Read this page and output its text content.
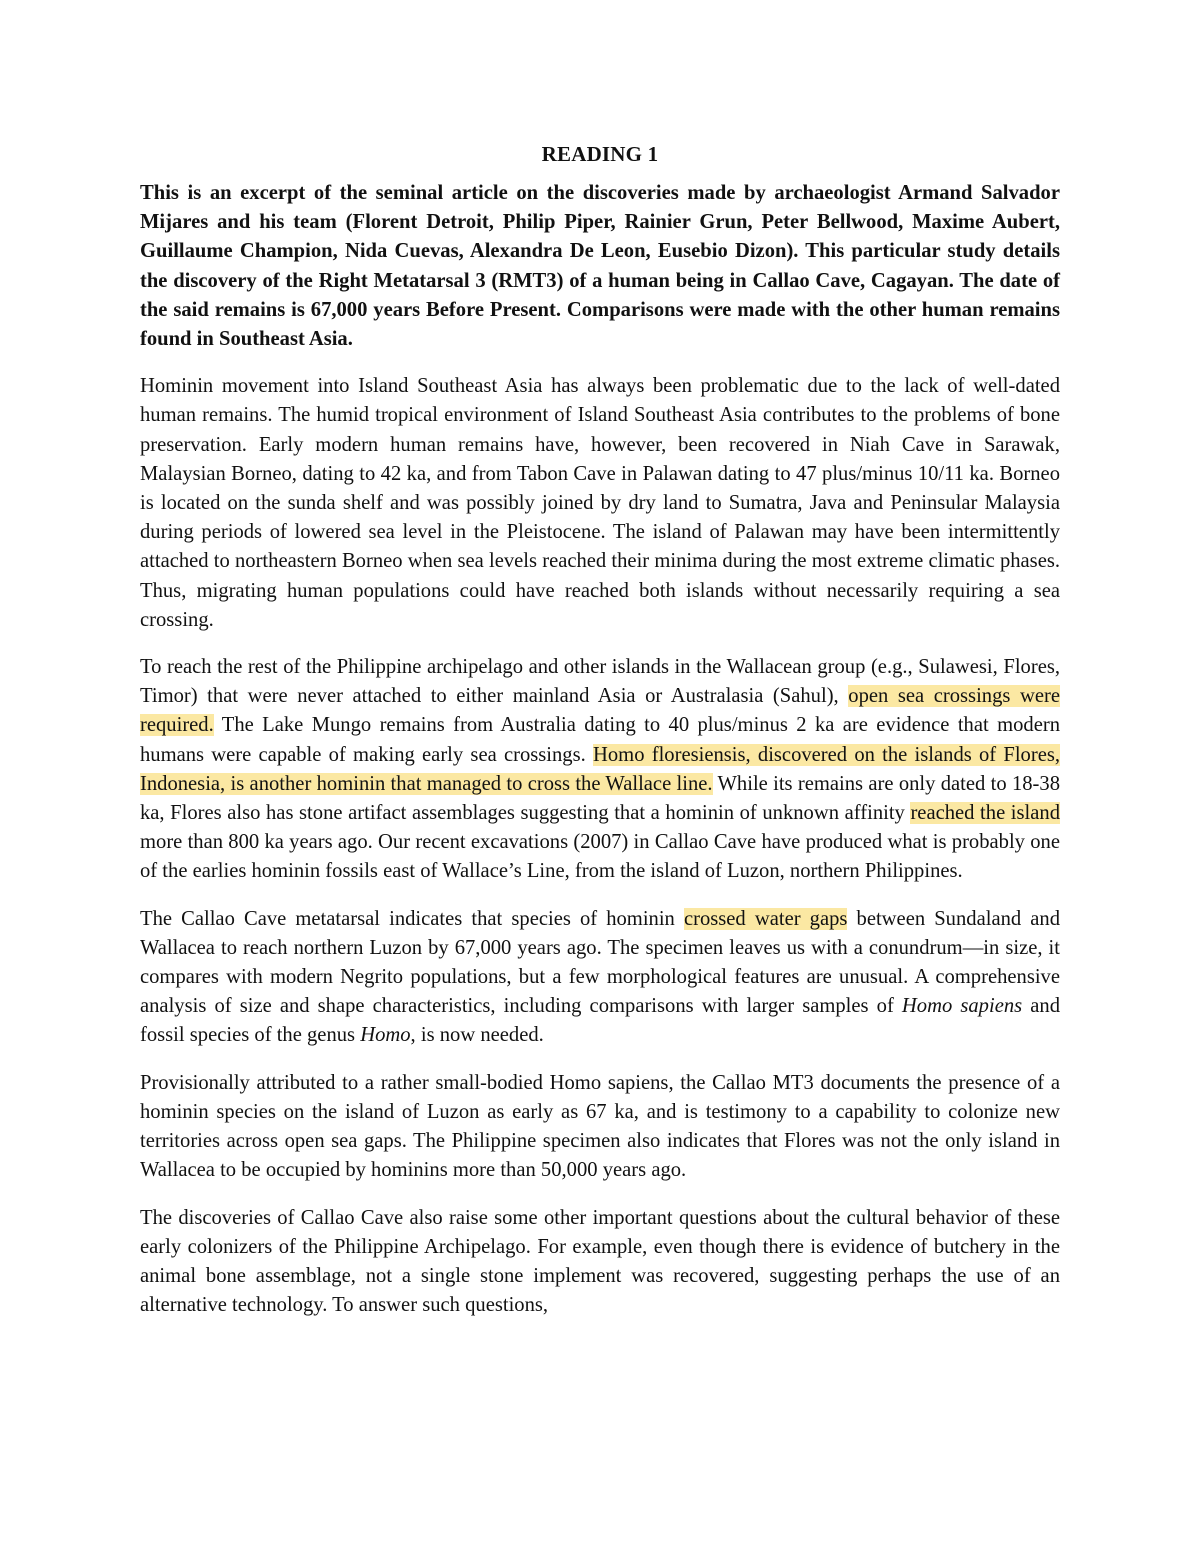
READING 1

This is an excerpt of the seminal article on the discoveries made by archaeologist Armand Salvador Mijares and his team (Florent Detroit, Philip Piper, Rainier Grun, Peter Bellwood, Maxime Aubert, Guillaume Champion, Nida Cuevas, Alexandra De Leon, Eusebio Dizon). This particular study details the discovery of the Right Metatarsal 3 (RMT3) of a human being in Callao Cave, Cagayan. The date of the said remains is 67,000 years Before Present. Comparisons were made with the other human remains found in Southeast Asia.

Hominin movement into Island Southeast Asia has always been problematic due to the lack of well-dated human remains. The humid tropical environment of Island Southeast Asia contributes to the problems of bone preservation. Early modern human remains have, however, been recovered in Niah Cave in Sarawak, Malaysian Borneo, dating to 42 ka, and from Tabon Cave in Palawan dating to 47 plus/minus 10/11 ka. Borneo is located on the sunda shelf and was possibly joined by dry land to Sumatra, Java and Peninsular Malaysia during periods of lowered sea level in the Pleistocene. The island of Palawan may have been intermittently attached to northeastern Borneo when sea levels reached their minima during the most extreme climatic phases. Thus, migrating human populations could have reached both islands without necessarily requiring a sea crossing.

To reach the rest of the Philippine archipelago and other islands in the Wallacean group (e.g., Sulawesi, Flores, Timor) that were never attached to either mainland Asia or Australasia (Sahul), open sea crossings were required. The Lake Mungo remains from Australia dating to 40 plus/minus 2 ka are evidence that modern humans were capable of making early sea crossings. Homo floresiensis, discovered on the islands of Flores, Indonesia, is another hominin that managed to cross the Wallace line. While its remains are only dated to 18-38 ka, Flores also has stone artifact assemblages suggesting that a hominin of unknown affinity reached the island more than 800 ka years ago. Our recent excavations (2007) in Callao Cave have produced what is probably one of the earlies hominin fossils east of Wallace’s Line, from the island of Luzon, northern Philippines.

The Callao Cave metatarsal indicates that species of hominin crossed water gaps between Sundaland and Wallacea to reach northern Luzon by 67,000 years ago. The specimen leaves us with a conundrum—in size, it compares with modern Negrito populations, but a few morphological features are unusual. A comprehensive analysis of size and shape characteristics, including comparisons with larger samples of Homo sapiens and fossil species of the genus Homo, is now needed.

Provisionally attributed to a rather small-bodied Homo sapiens, the Callao MT3 documents the presence of a hominin species on the island of Luzon as early as 67 ka, and is testimony to a capability to colonize new territories across open sea gaps. The Philippine specimen also indicates that Flores was not the only island in Wallacea to be occupied by hominins more than 50,000 years ago.

The discoveries of Callao Cave also raise some other important questions about the cultural behavior of these early colonizers of the Philippine Archipelago. For example, even though there is evidence of butchery in the animal bone assemblage, not a single stone implement was recovered, suggesting perhaps the use of an alternative technology. To answer such questions,
